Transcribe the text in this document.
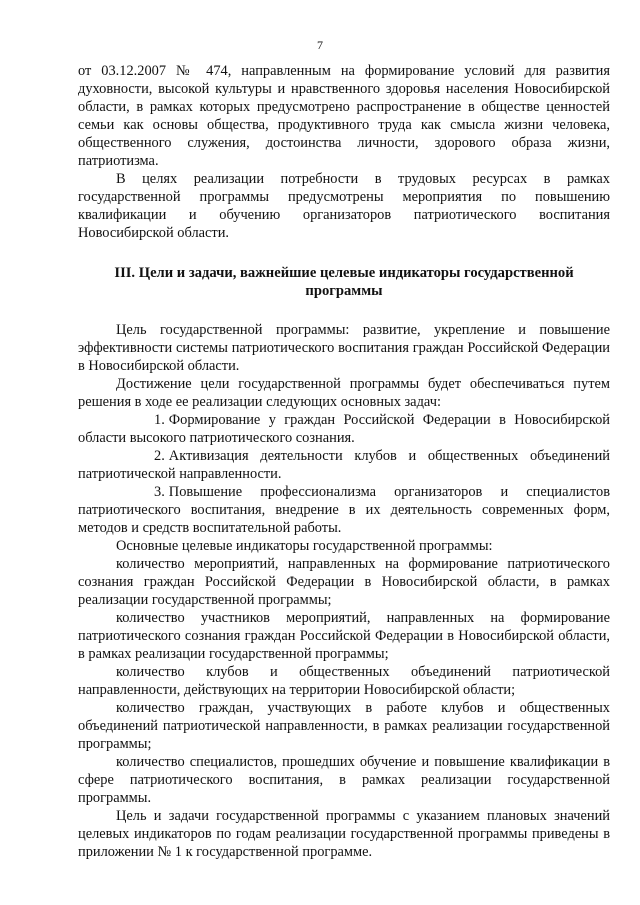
7

от 03.12.2007 № 474, направленным на формирование условий для развития духовности, высокой культуры и нравственного здоровья населения Новосибирской области, в рамках которых предусмотрено распространение в обществе ценностей семьи как основы общества, продуктивного труда как смысла жизни человека, общественного служения, достоинства личности, здорового образа жизни, патриотизма.

В целях реализации потребности в трудовых ресурсах в рамках государственной программы предусмотрены мероприятия по повышению квалификации и обучению организаторов патриотического воспитания Новосибирской области.

III. Цели и задачи, важнейшие целевые индикаторы государственной программы

Цель государственной программы: развитие, укрепление и повышение эффективности системы патриотического воспитания граждан Российской Федерации в Новосибирской области.

Достижение цели государственной программы будет обеспечиваться путем решения в ходе ее реализации следующих основных задач:

1. Формирование у граждан Российской Федерации в Новосибирской области высокого патриотического сознания.

2. Активизация деятельности клубов и общественных объединений патриотической направленности.

3. Повышение профессионализма организаторов и специалистов патриотического воспитания, внедрение в их деятельность современных форм, методов и средств воспитательной работы.

Основные целевые индикаторы государственной программы:

количество мероприятий, направленных на формирование патриотического сознания граждан Российской Федерации в Новосибирской области, в рамках реализации государственной программы;

количество участников мероприятий, направленных на формирование патриотического сознания граждан Российской Федерации в Новосибирской области, в рамках реализации государственной программы;

количество клубов и общественных объединений патриотической направленности, действующих на территории Новосибирской области;

количество граждан, участвующих в работе клубов и общественных объединений патриотической направленности, в рамках реализации государственной программы;

количество специалистов, прошедших обучение и повышение квалификации в сфере патриотического воспитания, в рамках реализации государственной программы.

Цель и задачи государственной программы с указанием плановых значений целевых индикаторов по годам реализации государственной программы приведены в приложении № 1 к государственной программе.
